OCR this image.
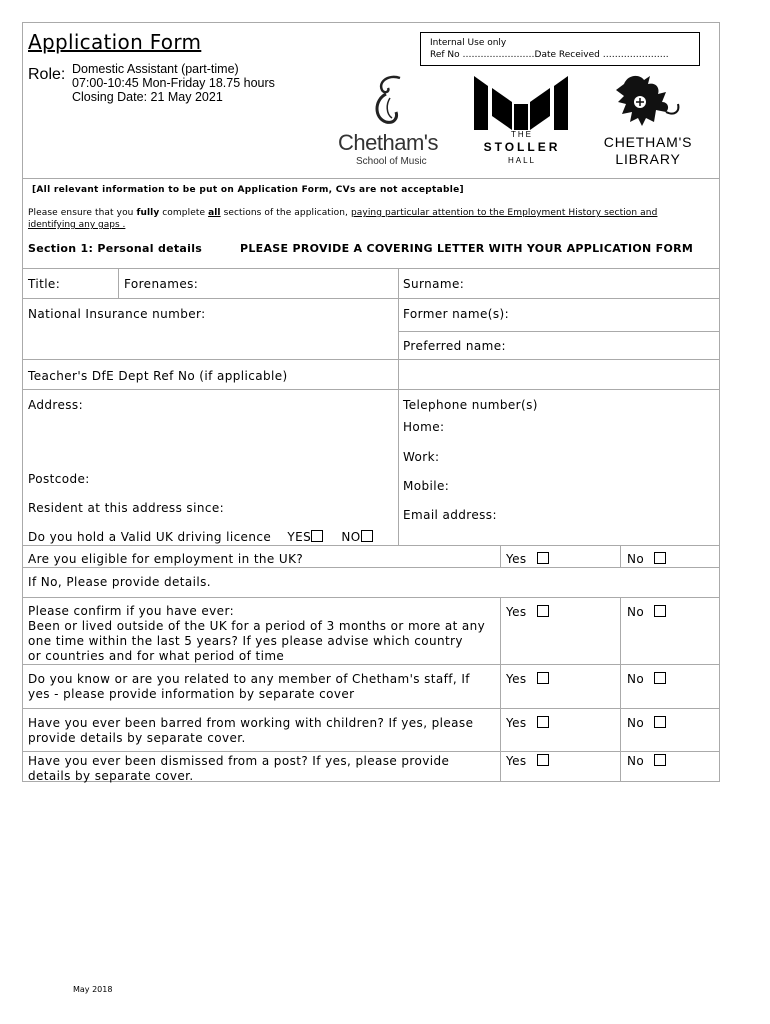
Application Form
Role: Domestic Assistant (part-time)
07:00-10:45 Mon-Friday 18.75 hours
Closing Date: 21 May 2021
Internal Use only
Ref No ……………………Date Received ………………….
Chetham's
School of Music
THE
STOLLER
HALL
CHETHAM'S
LIBRARY
[All relevant information to be put on Application Form, CVs are not acceptable]
Please ensure that you fully complete all sections of the application, paying particular attention to the Employment History section and
identifying any gaps .
Section 1: Personal details	PLEASE PROVIDE A COVERING LETTER WITH YOUR APPLICATION FORM
Title:	Forenames:	Surname:
National Insurance number:	Former name(s):
Preferred name:
Teacher's DfE Dept Ref No (if applicable)
Address:	Telephone number(s)
Home:
Work:
Postcode:	Mobile:
Resident at this address since:	Email address:
Do you hold a Valid UK driving licence YES	NO
Are you eligible for employment in the UK?	Yes	No
If No, Please provide details.
Please confirm if you have ever:
Been or lived outside of the UK for a period of 3 months or more at any
one time within the last 5 years? If yes please advise which country
or countries and for what period of time
Yes	No
Do you know or are you related to any member of Chetham's staff, If
yes - please provide information by separate cover
Yes	No
Have you ever been barred from working with children? If yes, please
provide details by separate cover.
Yes	No
Have you ever been dismissed from a post? If yes, please provide
details by separate cover.
Yes	No
May 2018
